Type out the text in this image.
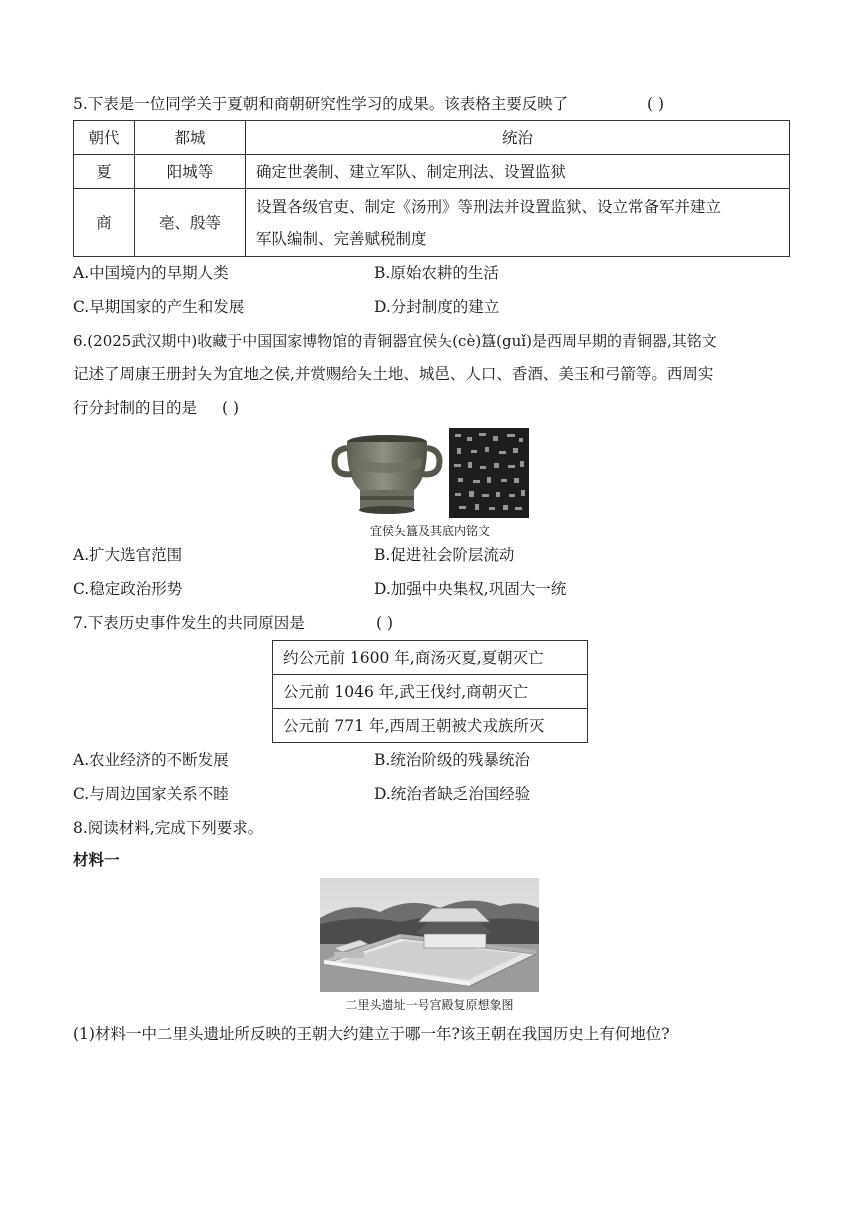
5.下表是一位同学关于夏朝和商朝研究性学习的成果。该表格主要反映了	( )
朝代	都城	统治
夏	阳城等	确定世袭制、建立军队、制定刑法、设置监狱
商	亳、殷等	设置各级官吏、制定《汤刑》等刑法并设置监狱、设立常备军并建立
军队编制、完善赋税制度
A.中国境内的早期人类	B.原始农耕的生活
C.早期国家的产生和发展	D.分封制度的建立
6.(2025武汉期中)收藏于中国国家博物馆的青铜器宜侯夨(cè)簋(guǐ)是西周早期的青铜器,其铭文
记述了周康王册封夨为宜地之侯,并赏赐给夨土地、城邑、人口、香酒、美玉和弓箭等。西周实
行分封制的目的是 ( )
宜侯夨簋及其底内铭文
A.扩大选官范围	B.促进社会阶层流动
C.稳定政治形势	D.加强中央集权,巩固大一统
7.下表历史事件发生的共同原因是	( )
约公元前 1600 年,商汤灭夏,夏朝灭亡
公元前 1046 年,武王伐纣,商朝灭亡
公元前 771 年,西周王朝被犬戎族所灭
A.农业经济的不断发展	B.统治阶级的残暴统治
C.与周边国家关系不睦	D.统治者缺乏治国经验
8.阅读材料,完成下列要求。
材料一
二里头遗址一号宫殿复原想象图
(1)材料一中二里头遗址所反映的王朝大约建立于哪一年?该王朝在我国历史上有何地位?
